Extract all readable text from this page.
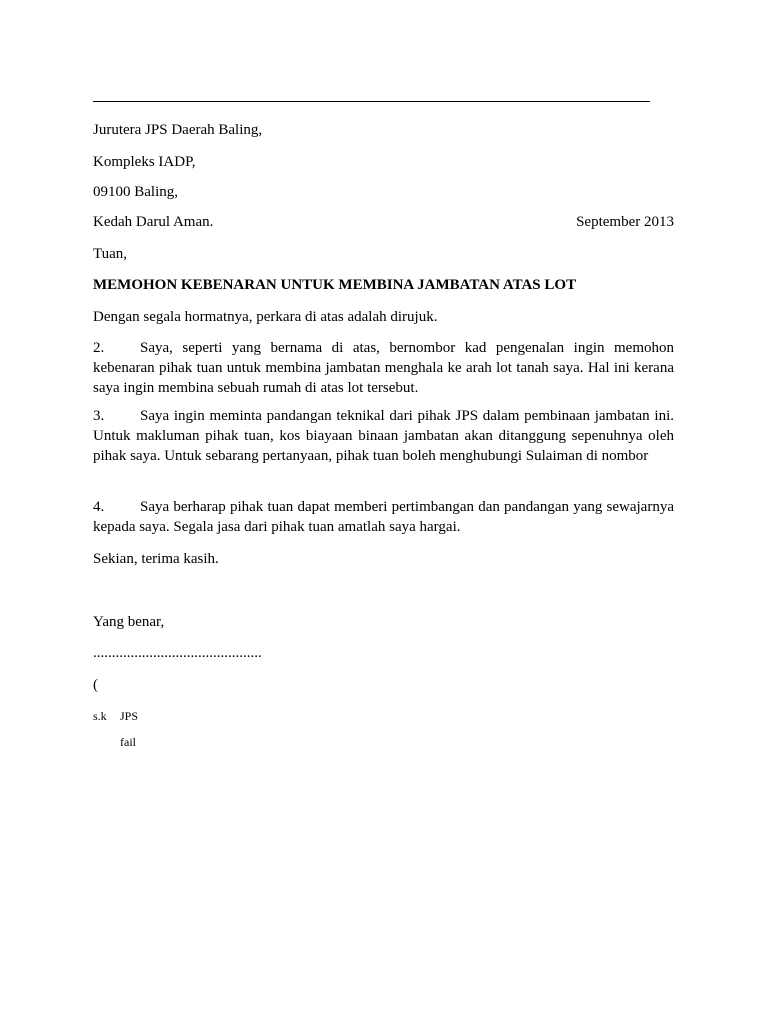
Jurutera JPS Daerah Baling,
Kompleks IADP,
09100 Baling,
Kedah Darul Aman.	September 2013
Tuan,
MEMOHON KEBENARAN UNTUK MEMBINA JAMBATAN ATAS LOT
Dengan segala hormatnya, perkara di atas adalah dirujuk.
2. Saya, seperti yang bernama di atas, bernombor kad pengenalan ingin memohon kebenaran pihak tuan untuk membina jambatan menghala ke arah lot tanah saya. Hal ini kerana saya ingin membina sebuah rumah di atas lot tersebut.
3. Saya ingin meminta pandangan teknikal dari pihak JPS dalam pembinaan jambatan ini. Untuk makluman pihak tuan, kos biayaan binaan jambatan akan ditanggung sepenuhnya oleh pihak saya. Untuk sebarang pertanyaan, pihak tuan boleh menghubungi Sulaiman di nombor
4. Saya berharap pihak tuan dapat memberi pertimbangan dan pandangan yang sewajarnya kepada saya. Segala jasa dari pihak tuan amatlah saya hargai.
Sekian, terima kasih.
Yang benar,
.............................................
(
s.k JPS
fail
